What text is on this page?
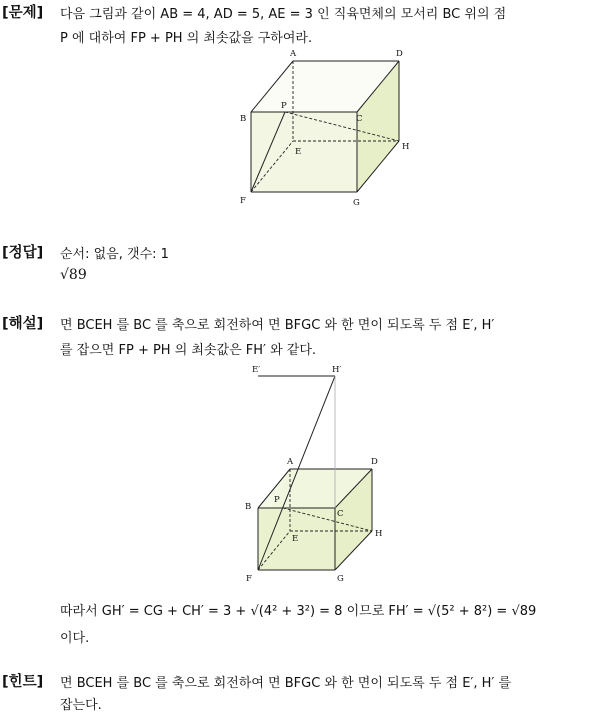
[문제] 다음 그림과 같이 AB = 4, AD = 5, AE = 3 인 직육면체의 모서리 BC 위의 점
P 에 대하여 FP + PH 의 최솟값을 구하여라.
A	D
B
P
C
E	H
F	G
[정답] 순서: 없음, 갯수: 1
√89
[해설] 면 BCEH 를 BC 를 축으로 회전하여 면 BFGC 와 한 면이 되도록 두 점 E′, H′
를 잡으면 FP + PH 의 최솟값은 FH′ 와 같다.
E′	H′
A	D
B
P
C
E	H
F	G
따라서 GH′ = CG + CH′ = 3 + √(4² + 3²) = 8 이므로 FH′ = √(5² + 8²) = √89
이다.
[힌트] 면 BCEH 를 BC 를 축으로 회전하여 면 BFGC 와 한 면이 되도록 두 점 E′, H′ 를
잡는다.
